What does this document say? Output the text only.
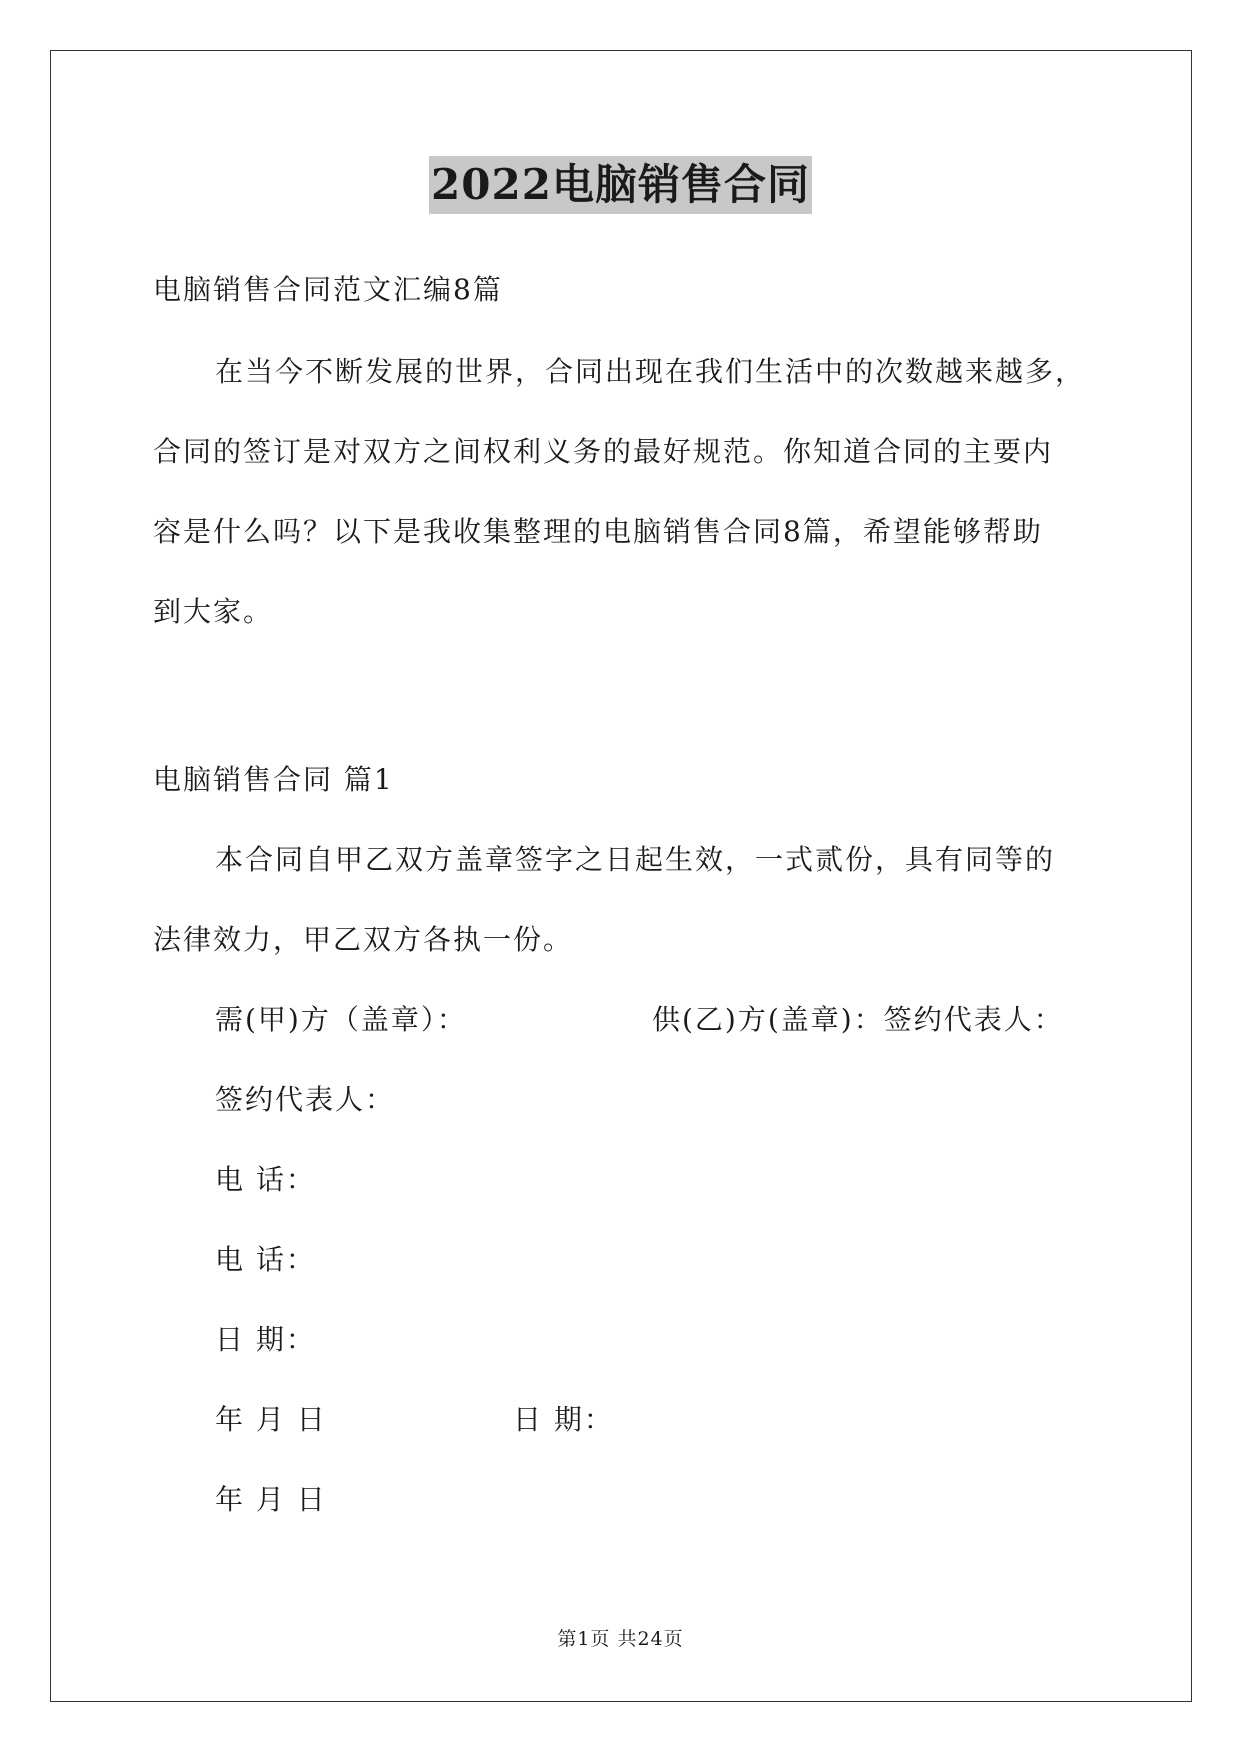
2022电脑销售合同
电脑销售合同范文汇编8篇
在当今不断发展的世界，合同出现在我们生活中的次数越来越多，
合同的签订是对双方之间权利义务的最好规范。你知道合同的主要内
容是什么吗？以下是我收集整理的电脑销售合同8篇，希望能够帮助
到大家。
电脑销售合同 篇1
本合同自甲乙双方盖章签字之日起生效，一式贰份，具有同等的
法律效力，甲乙双方各执一份。
需(甲)方（盖章）：	供(乙)方(盖章)：签约代表人：
签约代表人：
电 话：
电 话：
日 期：
年 月 日	日 期：
年 月 日
第1页 共24页
